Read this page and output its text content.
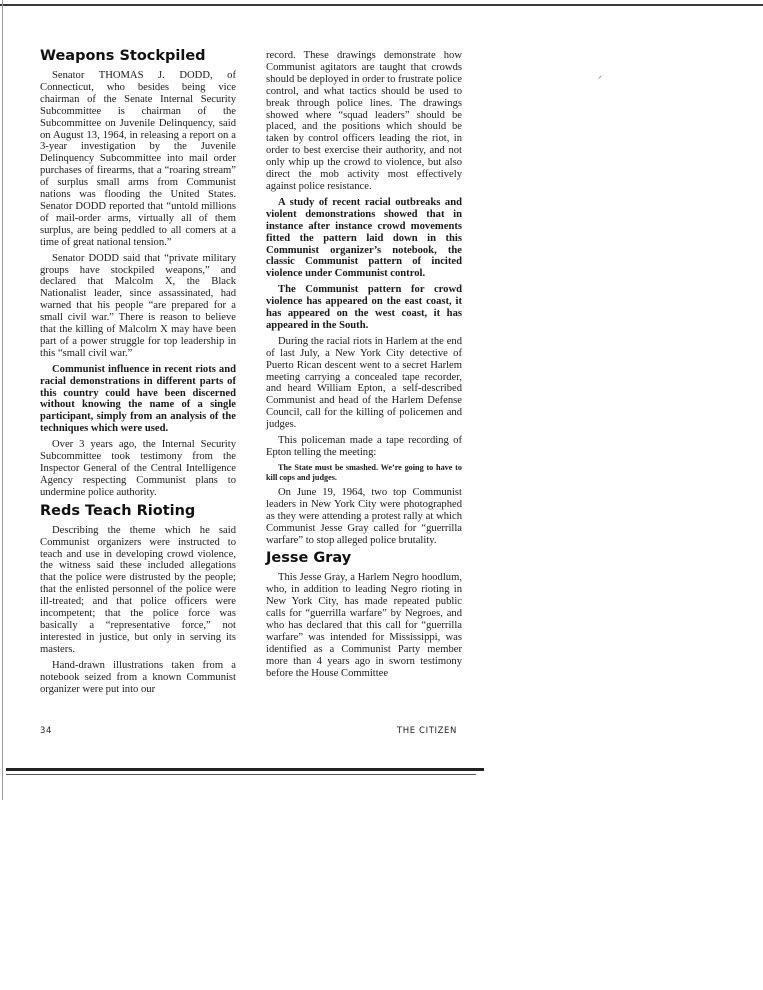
⸝
Weapons Stockpiled

Senator THOMAS J. DODD, of Connecticut, who besides being vice chairman of the Senate Internal Security Subcommittee is chairman of the Subcommittee on Juvenile Delinquency, said on August 13, 1964, in releasing a report on a 3-year investigation by the Juvenile Delinquency Subcommittee into mail order purchases of firearms, that a “roaring stream” of surplus small arms from Communist nations was flooding the United States. Senator DODD reported that “untold millions of mail-order arms, virtually all of them surplus, are being peddled to all comers at a time of great national tension.”

Senator DODD said that “private military groups have stockpiled weapons,” and declared that Malcolm X, the Black Nationalist leader, since assassinated, had warned that his people “are prepared for a small civil war.” There is reason to believe that the killing of Malcolm X may have been part of a power struggle for top leadership in this “small civil war.”

Communist influence in recent riots and racial demonstrations in different parts of this country could have been discerned without knowing the name of a single participant, simply from an analysis of the techniques which were used.

Over 3 years ago, the Internal Security Subcommittee took testimony from the Inspector General of the Central Intelligence Agency respecting Communist plans to undermine police authority.

Reds Teach Rioting

Describing the theme which he said Communist organizers were instructed to teach and use in developing crowd violence, the witness said these included allegations that the police were distrusted by the people; that the enlisted personnel of the police were ill-treated; and that police officers were incompetent; that the police force was basically a “representative force,” not interested in justice, but only in serving its masters.

Hand-drawn illustrations taken from a notebook seized from a known Communist organizer were put into our

record. These drawings demonstrate how Communist agitators are taught that crowds should be deployed in order to frustrate police control, and what tactics should be used to break through police lines. The drawings showed where “squad leaders” should be placed, and the positions which should be taken by control officers leading the riot, in order to best exercise their authority, and not only whip up the crowd to violence, but also direct the mob activity most effectively against police resistance.

A study of recent racial outbreaks and violent demonstrations showed that in instance after instance crowd movements fitted the pattern laid down in this Communist organizer’s notebook, the classic Communist pattern of incited violence under Communist control.

The Communist pattern for crowd violence has appeared on the east coast, it has appeared on the west coast, it has appeared in the South.

During the racial riots in Harlem at the end of last July, a New York City detective of Puerto Rican descent went to a secret Harlem meeting carrying a concealed tape recorder, and heard William Epton, a self-described Communist and head of the Harlem Defense Council, call for the killing of policemen and judges.

This policeman made a tape recording of Epton telling the meeting:

The State must be smashed. We’re going to have to kill cops and judges.

On June 19, 1964, two top Communist leaders in New York City were photographed as they were attending a protest rally at which Communist Jesse Gray called for “guerrilla warfare” to stop alleged police brutality.

Jesse Gray

This Jesse Gray, a Harlem Negro hoodlum, who, in addition to leading Negro rioting in New York City, has made repeated public calls for “guerrilla warfare” by Negroes, and who has declared that this call for “guerrilla warfare” was intended for Mississippi, was identified as a Communist Party member more than 4 years ago in sworn testimony before the House Committee

34	THE CITIZEN
